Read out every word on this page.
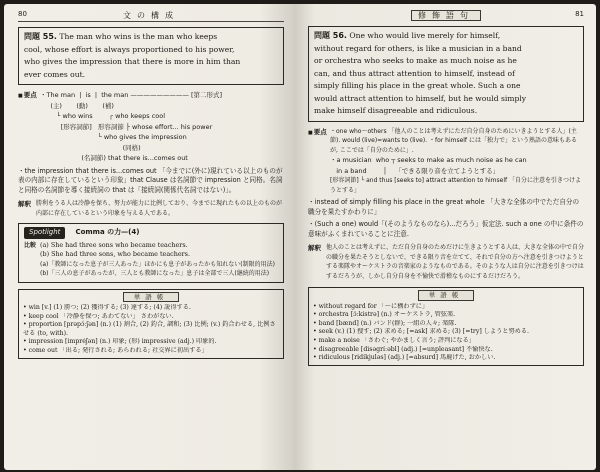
80	文の構成
問題 55. The man who wins is the man who keeps
cool, whose effort is always proportioned to his power,
who gives the impression that there is more in him than
ever comes out.
■ 要点 ・The man  |  is  |  the man ————————— [第二形式]
(主)       (動)       (補)
└ who wins        ┌ who keeps cool
[形容詞節]   形容詞節 ├ whose effort... his power
└ who gives the impression
(同格)
(名詞節) that there is...comes out
・the impression that there is...comes out 「今までに(外に)現れている以上のものが表の内部に存在しているという印象」that Clause は名詞節で impression と同格。名詞と同格の名詞節を導く接続詞の that は「接続詞(関係代名詞ではない)」。
解釈 勝利をうる人は冷静を保ち、努力が能力に比例しており、今までに現れたもの以上のものが内部に存在しているという印象を与える人である。
Spotlight	Comma の力—(4)
比較 (a) She had three sons who became teachers.
(b) She had three sons, who became teachers.
(a)「教師になった息子が三人あった」ほかにも息子があったかも知れない(制限的用法)
(b)「三人の息子があったが、三人とも教師になった」息子は全部で三人(継続的用法)
単語帳
• win [v.] (1) 勝つ; (2) 獲得する; (3) 達する; (4) 説得する.
• keep cool 「冷静を保つ; あわてない」 さわがない.
• proportion [prəpɔ́ːʃən] (n.) (1) 割合, (2) 釣合, 調和; (3) 比例; (v.) 釣合わせる, 比例させる (to, with).
• impression [impréʃən] (n.) 印象; (形) impressive (adj.) 印象的.
• come out 「出る; 発行される; あらわれる; 社交界に初出する」
81
修飾語句
問題 56. One who would live merely for himself,
without regard for others, is like a musician in a band
or orchestra who seeks to make as much noise as he
can, and thus attract attention to himself, instead of
simply filling his place in the great whole. Such a one
would attract attention to himself, but he would simply
make himself disagreeable and ridiculous.
■ 要点 ・one who～others 「他人のことは考えずにただ自分自身のためにいきようとする人」(主節). would (live)=wants to (live). ・for himself には「独力で」という熟語の意味もあるが, ここでは「自分のために」.
・a musician  who ┬ seeks to make as much noise as he can
in a band        │    「できる限り音を立てようとする」
[形容詞節] └ and thus [seeks to] attract attention to himself 「自分に注意を引きつけようとする」
・instead of simply filling his place in the great whole 「大きな全体の中でただ自分の職分を果たすかわりに」
・(Such a one) would「(そのようなものなら)...だろう」仮定法. such a one の中に条件の意味がふくまれていることに注意.
解釈 他人のことは考えずに、ただ自分自身のためだけに生きようとする人は、大きな全体の中で自分の職分を果たそうとしないで、できる限り音を立てて、それで自分の方へ注意を引きつけようとする楽隊やオーケストラの音楽家のようなものである。そのような人は自分に注意を引きつけはするだろうが、しかし自分自身を不愉快で滑稽なものにするだけだろう。
単語帳
• without regard for 「～に構わずに」
• orchestra [ɔ́ːkistrə] (n.) オーケストラ, 管弦楽.
• band [bænd] (n.) バンド(群); 一組の人々; 楽隊.
• seek (v.) (1) 捜す; (2) 求める; [=ask] 求める; (3) [=try] しようと努める.
• make a noise 「さわぐ; やかましく言う; 評判になる」
• disagreeable [disəgríːəbl] (adj.) [=unpleasant] 不愉快な.
• ridiculous [ridíkjuləs] (adj.) [=absurd] 馬鹿げた, おかしい.
